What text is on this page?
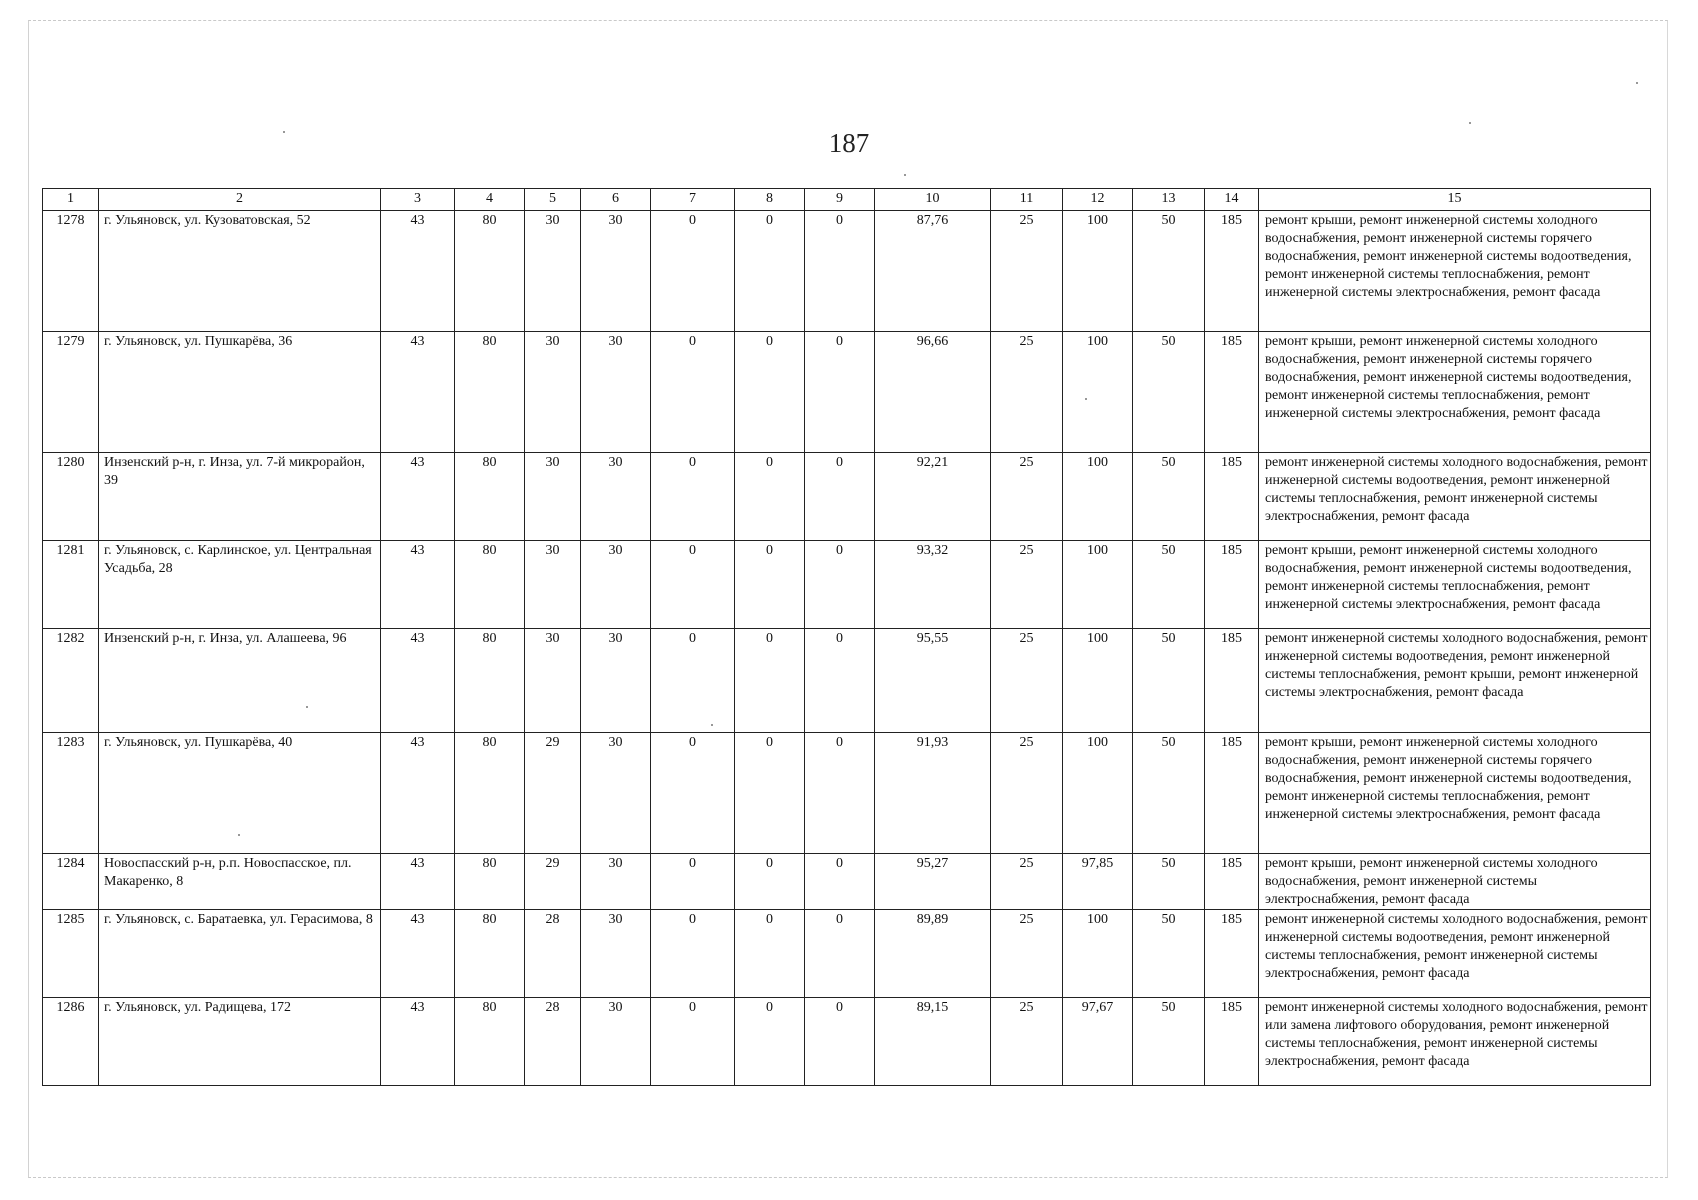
187
1	2	3	4	5	6	7	8	9	10	11	12	13	14	15
1278	г. Ульяновск, ул. Кузоватовская, 52	43	80	30	30	0	0	0	87,76	25	100	50	185	ремонт крыши, ремонт инженерной системы холодного водоснабжения, ремонт инженерной системы горячего водоснабжения, ремонт инженерной системы водоотведения, ремонт инженерной системы теплоснабжения, ремонт инженерной системы электроснабжения, ремонт фасада
1279	г. Ульяновск, ул. Пушкарёва, 36	43	80	30	30	0	0	0	96,66	25	100	50	185	ремонт крыши, ремонт инженерной системы холодного водоснабжения, ремонт инженерной системы горячего водоснабжения, ремонт инженерной системы водоотведения, ремонт инженерной системы теплоснабжения, ремонт инженерной системы электроснабжения, ремонт фасада
1280	Инзенский р-н, г. Инза, ул. 7-й микрорайон, 39	43	80	30	30	0	0	0	92,21	25	100	50	185	ремонт инженерной системы холодного водоснабжения, ремонт инженерной системы водоотведения, ремонт инженерной системы теплоснабжения, ремонт инженерной системы электроснабжения, ремонт фасада
1281	г. Ульяновск, с. Карлинское, ул. Центральная Усадьба, 28	43	80	30	30	0	0	0	93,32	25	100	50	185	ремонт крыши, ремонт инженерной системы холодного водоснабжения, ремонт инженерной системы водоотведения, ремонт инженерной системы теплоснабжения, ремонт инженерной системы электроснабжения, ремонт фасада
1282	Инзенский р-н, г. Инза, ул. Алашеева, 96	43	80	30	30	0	0	0	95,55	25	100	50	185	ремонт инженерной системы холодного водоснабжения, ремонт инженерной системы водоотведения, ремонт инженерной системы теплоснабжения, ремонт крыши, ремонт инженерной системы электроснабжения, ремонт фасада
1283	г. Ульяновск, ул. Пушкарёва, 40	43	80	29	30	0	0	0	91,93	25	100	50	185	ремонт крыши, ремонт инженерной системы холодного водоснабжения, ремонт инженерной системы горячего водоснабжения, ремонт инженерной системы водоотведения, ремонт инженерной системы теплоснабжения, ремонт инженерной системы электроснабжения, ремонт фасада
1284	Новоспасский р-н, р.п. Новоспасское, пл. Макаренко, 8	43	80	29	30	0	0	0	95,27	25	97,85	50	185	ремонт крыши, ремонт инженерной системы холодного водоснабжения, ремонт инженерной системы электроснабжения, ремонт фасада
1285	г. Ульяновск, с. Баратаевка, ул. Герасимова, 8	43	80	28	30	0	0	0	89,89	25	100	50	185	ремонт инженерной системы холодного водоснабжения, ремонт инженерной системы водоотведения, ремонт инженерной системы теплоснабжения, ремонт инженерной системы электроснабжения, ремонт фасада
1286	г. Ульяновск, ул. Радищева, 172	43	80	28	30	0	0	0	89,15	25	97,67	50	185	ремонт инженерной системы холодного водоснабжения, ремонт или замена лифтового оборудования, ремонт инженерной системы теплоснабжения, ремонт инженерной системы электроснабжения, ремонт фасада
